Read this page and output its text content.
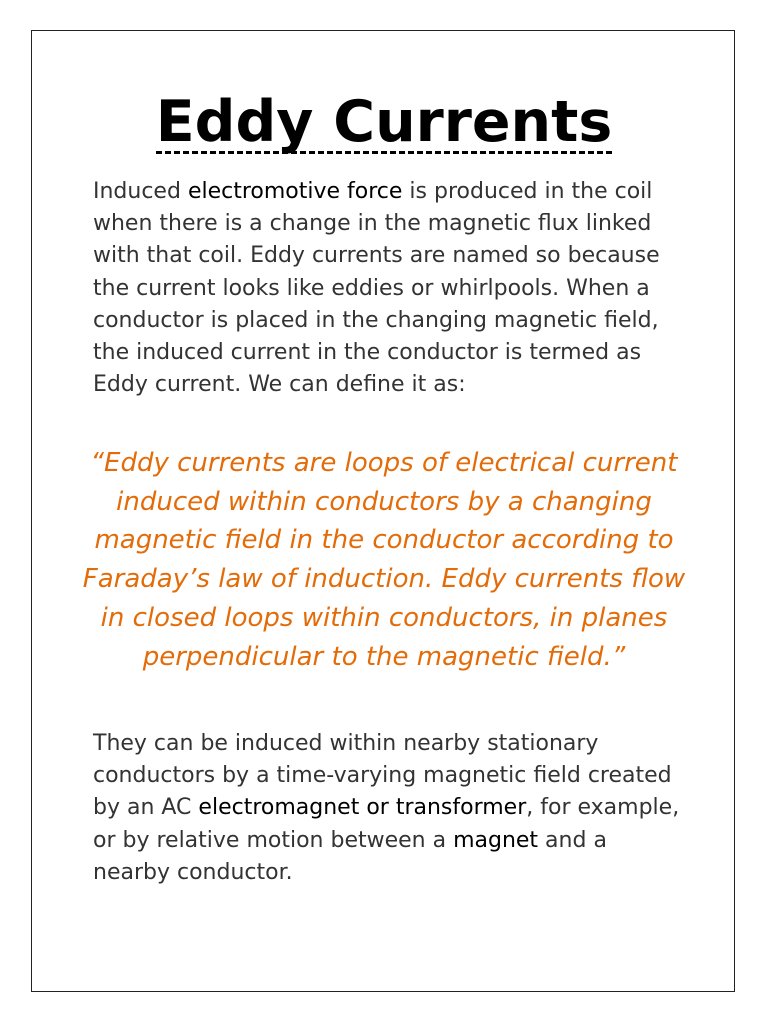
Eddy Currents

Induced electromotive force is produced in the coil when there is a change in the magnetic flux linked with that coil. Eddy currents are named so because the current looks like eddies or whirlpools. When a conductor is placed in the changing magnetic field, the induced current in the conductor is termed as Eddy current. We can define it as:

“Eddy currents are loops of electrical current induced within conductors by a changing magnetic field in the conductor according to Faraday’s law of induction. Eddy currents flow in closed loops within conductors, in planes perpendicular to the magnetic field.”

They can be induced within nearby stationary conductors by a time-varying magnetic field created by an AC electromagnet or transformer, for example, or by relative motion between a magnet and a nearby conductor.
